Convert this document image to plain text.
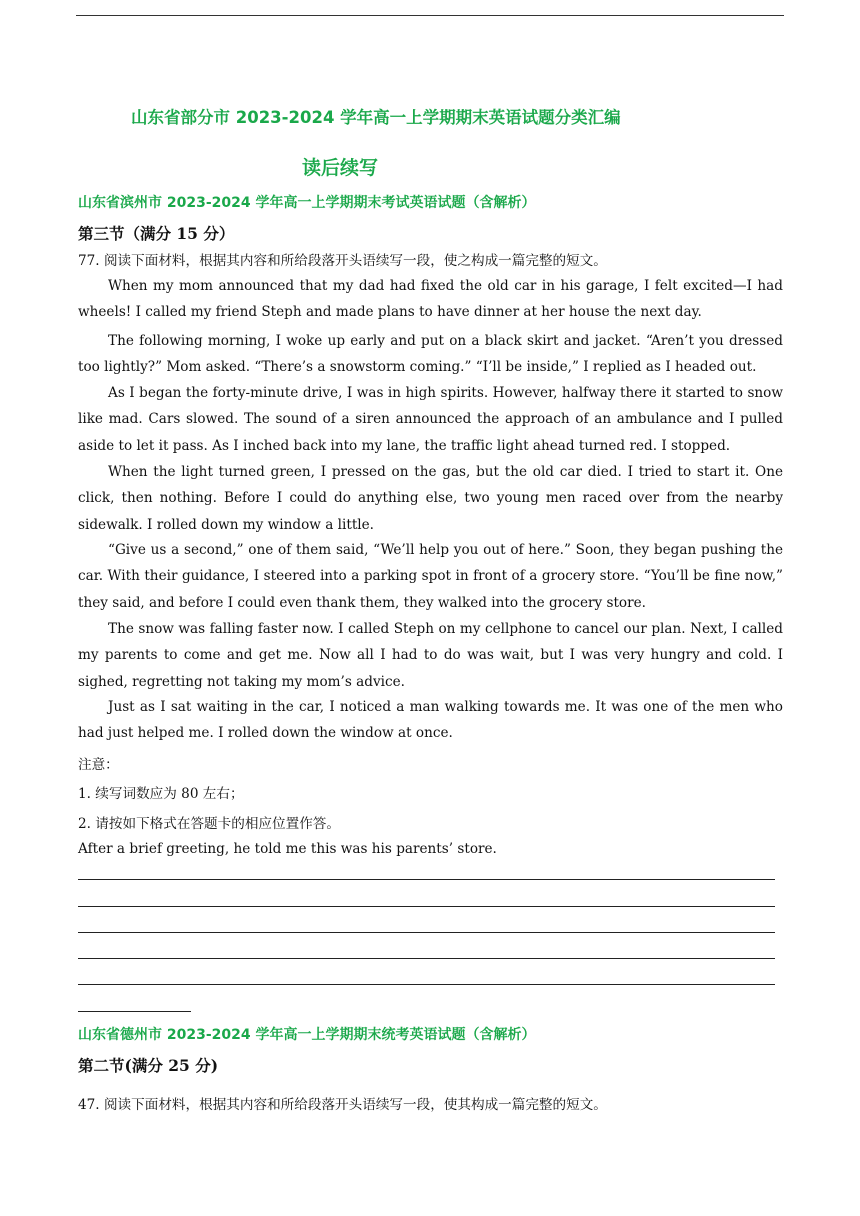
山东省部分市 2023-2024 学年高一上学期期末英语试题分类汇编
读后续写
山东省滨州市 2023-2024 学年高一上学期期末考试英语试题（含解析）
第三节（满分 15 分）
77. 阅读下面材料，根据其内容和所给段落开头语续写一段，使之构成一篇完整的短文。

When my mom announced that my dad had fixed the old car in his garage, I felt excited—I had wheels! I called my friend Steph and made plans to have dinner at her house the next day.

The following morning, I woke up early and put on a black skirt and jacket. “Aren’t you dressed too lightly?” Mom asked. “There’s a snowstorm coming.” “I’ll be inside,” I replied as I headed out.

As I began the forty-minute drive, I was in high spirits. However, halfway there it started to snow like mad. Cars slowed. The sound of a siren announced the approach of an ambulance and I pulled aside to let it pass. As I inched back into my lane, the traffic light ahead turned red. I stopped.

When the light turned green, I pressed on the gas, but the old car died. I tried to start it. One click, then nothing. Before I could do anything else, two young men raced over from the nearby sidewalk. I rolled down my window a little.

“Give us a second,” one of them said, “We’ll help you out of here.” Soon, they began pushing the car. With their guidance, I steered into a parking spot in front of a grocery store. “You’ll be fine now,” they said, and before I could even thank them, they walked into the grocery store.

The snow was falling faster now. I called Steph on my cellphone to cancel our plan. Next, I called my parents to come and get me. Now all I had to do was wait, but I was very hungry and cold. I sighed, regretting not taking my mom’s advice.

Just as I sat waiting in the car, I noticed a man walking towards me. It was one of the men who had just helped me. I rolled down the window at once.

注意：
1. 续写词数应为 80 左右；
2. 请按如下格式在答题卡的相应位置作答。
After a brief greeting, he told me this was his parents’ store.
山东省德州市 2023-2024 学年高一上学期期末统考英语试题（含解析）
第二节(满分 25 分)
47. 阅读下面材料，根据其内容和所给段落开头语续写一段，使其构成一篇完整的短文。
